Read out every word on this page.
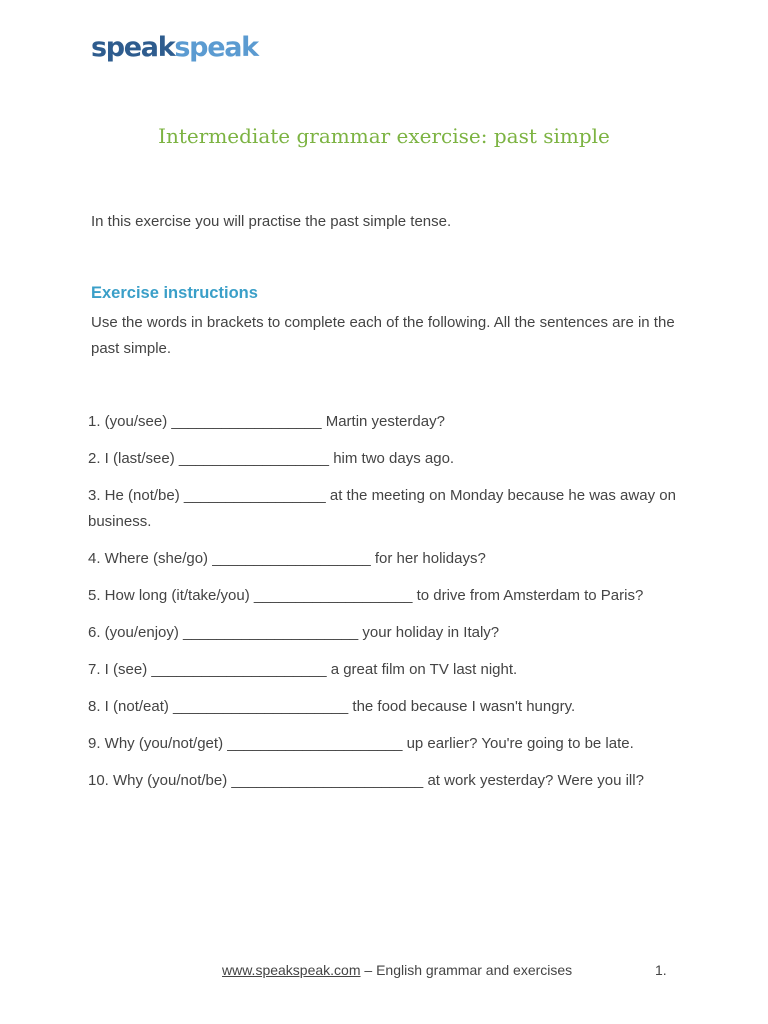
speakspeak
Intermediate grammar exercise: past simple
In this exercise you will practise the past simple tense.
Exercise instructions
Use the words in brackets to complete each of the following. All the sentences are in the past simple.
1. (you/see) __________________ Martin yesterday?
2. I (last/see) __________________ him two days ago.
3. He (not/be) _________________ at the meeting on Monday because he was away on business.
4. Where (she/go) ___________________ for her holidays?
5. How long (it/take/you) ___________________ to drive from Amsterdam to Paris?
6. (you/enjoy) _____________________ your holiday in Italy?
7. I (see) _____________________ a great film on TV last night.
8. I (not/eat) _____________________ the food because I wasn't hungry.
9. Why (you/not/get) _____________________ up earlier? You're going to be late.
10. Why (you/not/be) _______________________ at work yesterday? Were you ill?
www.speakspeak.com – English grammar and exercises	1.
